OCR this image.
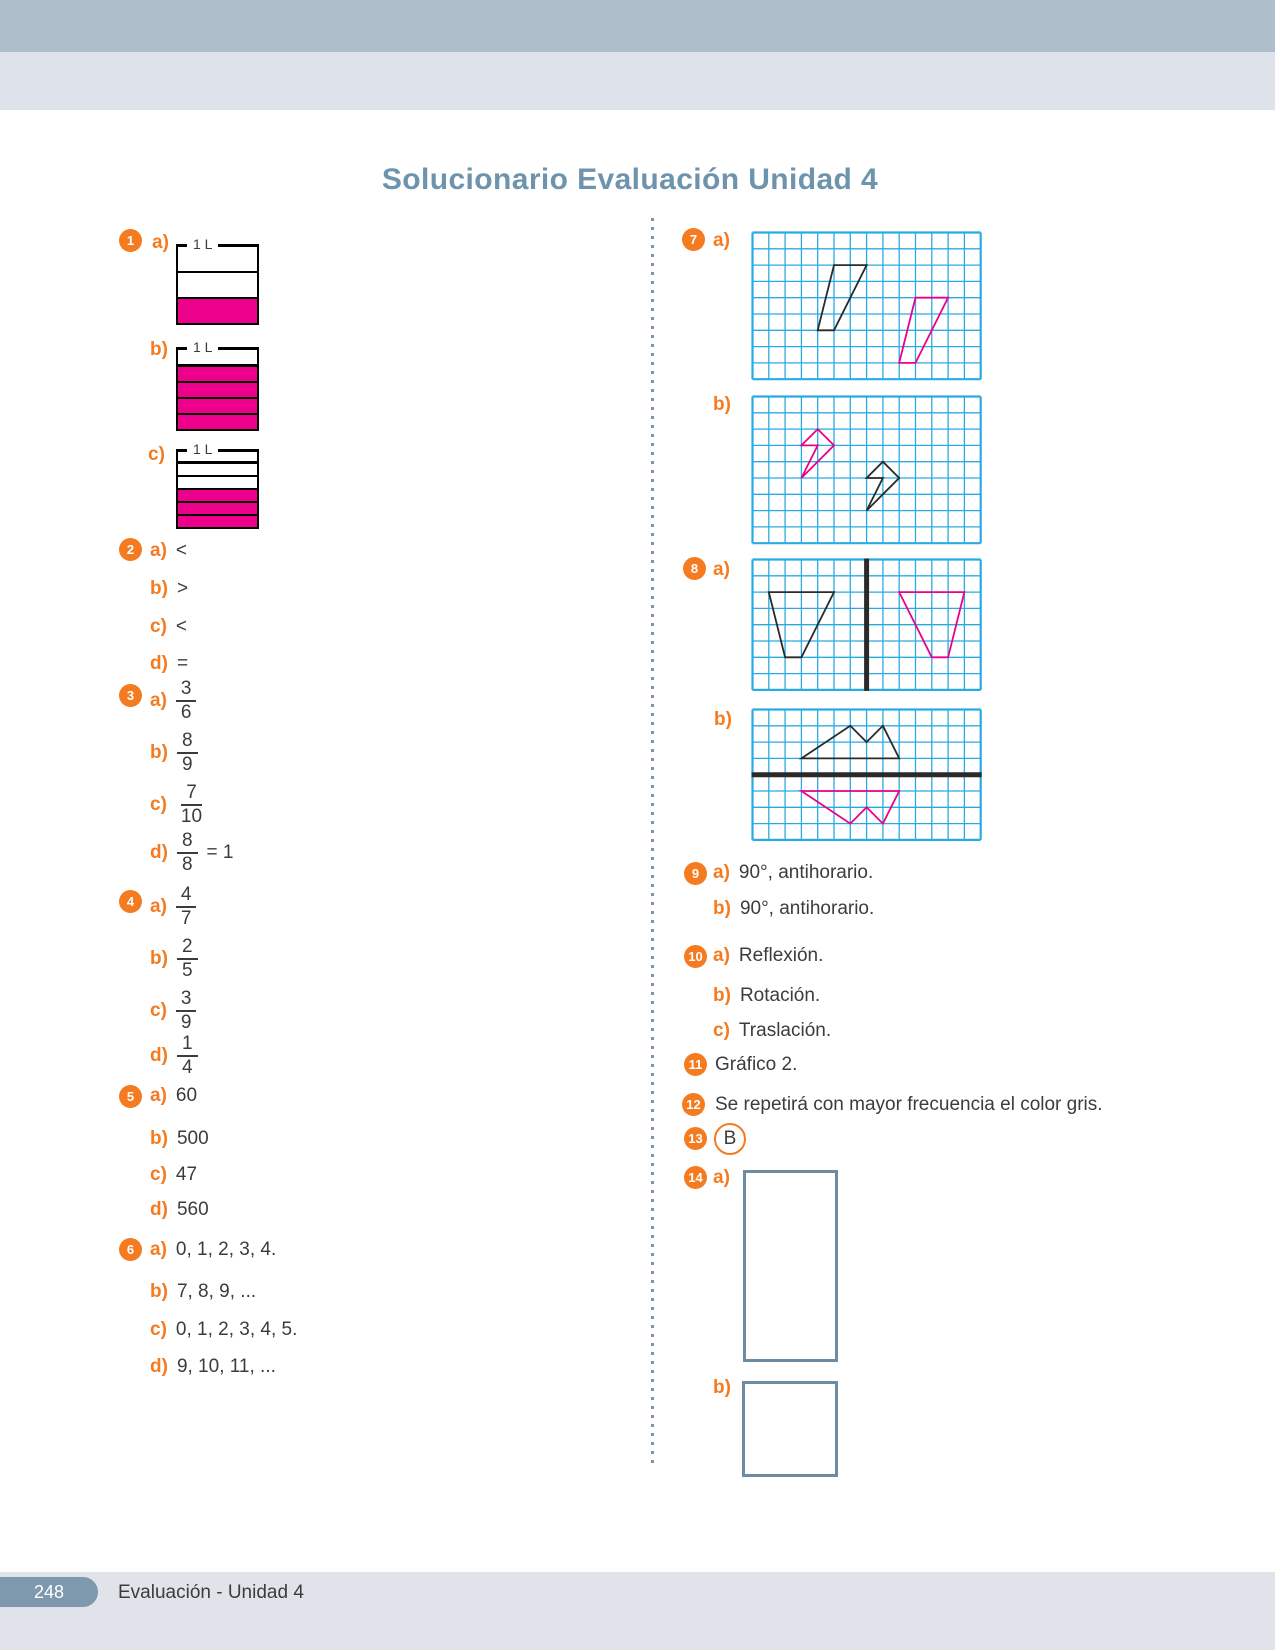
Solucionario Evaluación Unidad 4
1 a)	1 L
b)	1 L
c)	1 L
2 a) <
b) >
c) <
d) =
3 $a) \frac{3}{6}$
$b) \frac{8}{9}$
$c) \frac{7}{10}$
$d) \frac{8}{8} = 1$
4 $a) \frac{4}{7}$
$b) \frac{2}{5}$
$c) \frac{3}{9}$
$d) \frac{1}{4}$
5 a) 60
b) 500
c) 47
d) 560
6 a) 0, 1, 2, 3, 4.
b) 7, 8, 9, ...
c) 0, 1, 2, 3, 4, 5.
d) 9, 10, 11, ...
7 a)
b)
8 a)
b)
9 a) 90°, antihorario.
b) 90°, antihorario.
10 a) Reflexión.
b) Rotación.
c) Traslación.
11 Gráfico 2.
12 Se repetirá con mayor frecuencia el color gris.
13	B
14 a)
b)
248	Evaluación - Unidad 4
